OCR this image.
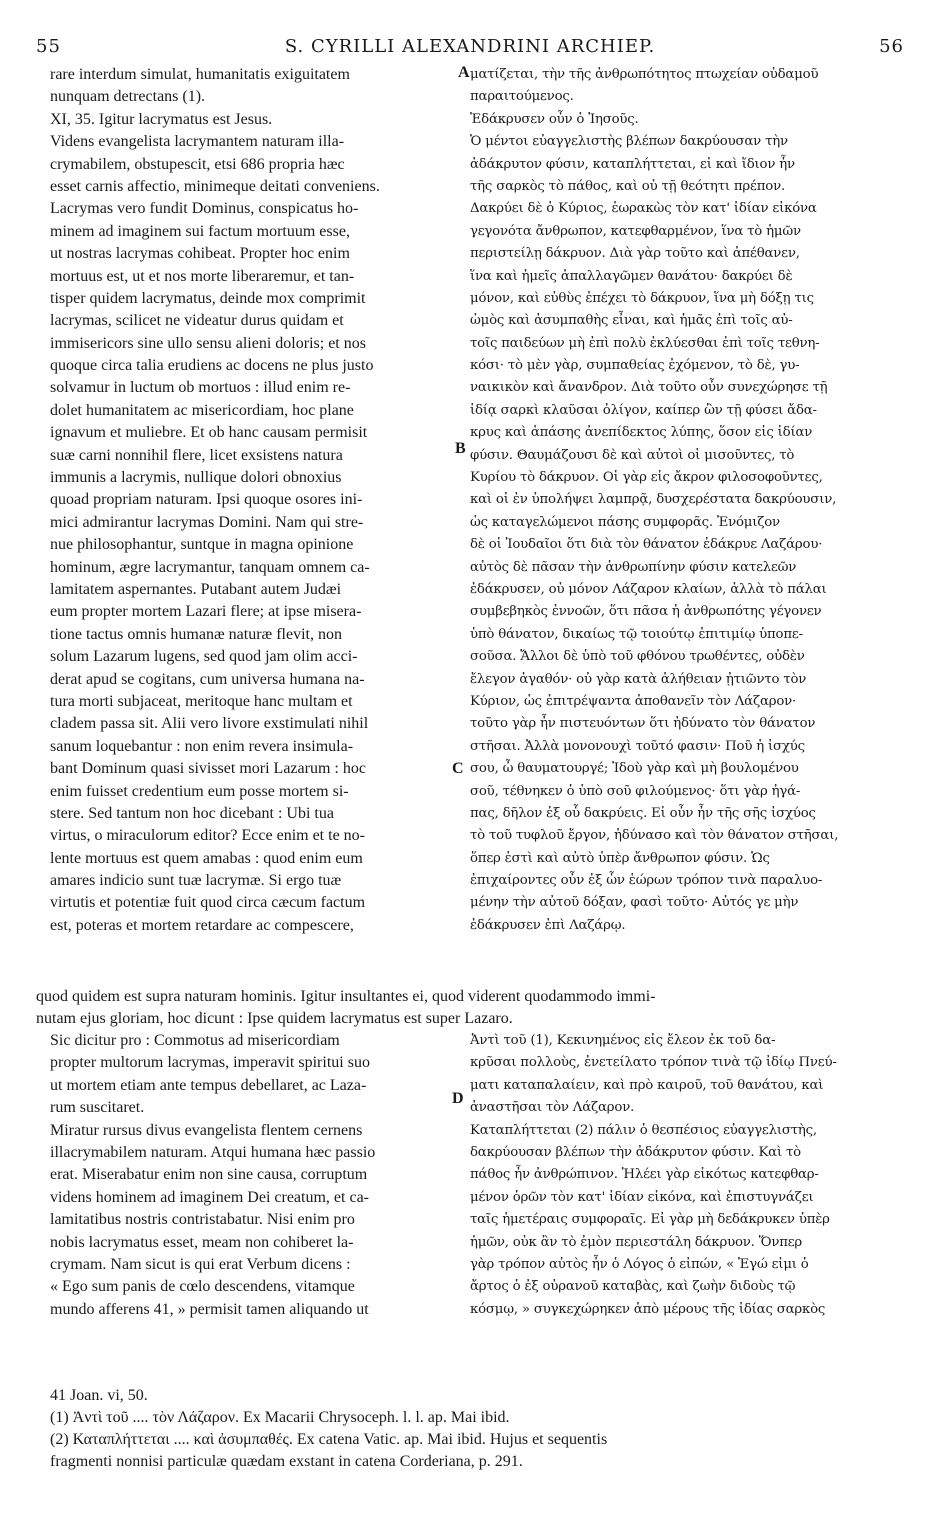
55	S. CYRILLI ALEXANDRINI ARCHIEP.	56
rare interdum simulat, humanitatis exiguitatem
nunquam detrectans (1).
XI, 35. Igitur lacrymatus est Jesus.
Videns evangelista lacrymantem naturam illa-
crymabilem, obstupescit, etsi 686 propria hæc
esset carnis affectio, minimeque deitati conveniens.
Lacrymas vero fundit Dominus, conspicatus ho-
minem ad imaginem sui factum mortuum esse,
ut nostras lacrymas cohibeat. Propter hoc enim
mortuus est, ut et nos morte liberaremur, et tan-
tisper quidem lacrymatus, deinde mox comprimit
lacrymas, scilicet ne videatur durus quidam et
immisericors sine ullo sensu alieni doloris; et nos
quoque circa talia erudiens ac docens ne plus justo
solvamur in luctum ob mortuos : illud enim re-
dolet humanitatem ac misericordiam, hoc plane
ignavum et muliebre. Et ob hanc causam permisit
suæ carni nonnihil flere, licet exsistens natura
immunis a lacrymis, nullique dolori obnoxius
quoad propriam naturam. Ipsi quoque osores ini-
mici admirantur lacrymas Domini. Nam qui stre-
nue philosophantur, suntque in magna opinione
hominum, ægre lacrymantur, tanquam omnem ca-
lamitatem aspernantes. Putabant autem Judæi
eum propter mortem Lazari flere; at ipse misera-
tione tactus omnis humanæ naturæ flevit, non
solum Lazarum lugens, sed quod jam olim acci-
derat apud se cogitans, cum universa humana na-
tura morti subjaceat, meritoque hanc multam et
cladem passa sit. Alii vero livore exstimulati nihil
sanum loquebantur : non enim revera insimula-
bant Dominum quasi sivisset mori Lazarum : hoc
enim fuisset credentium eum posse mortem si-
stere. Sed tantum non hoc dicebant : Ubi tua
virtus, o miraculorum editor? Ecce enim et te no-
lente mortuus est quem amabas : quod enim eum
amares indicio sunt tuæ lacrymæ. Si ergo tuæ
virtutis et potentiæ fuit quod circa cæcum factum
est, poteras et mortem retardare ac compescere,
ματίζεται, τὴν τῆς ἀνθρωπότητος πτωχείαν οὐδαμοῦ
παραιτούμενος.
Ἐδάκρυσεν οὖν ὁ Ἰησοῦς.
Ὁ μέντοι εὐαγγελιστὴς βλέπων δακρύουσαν τὴν
ἀδάκρυτον φύσιν, καταπλήττεται, εἰ καὶ ἴδιον ἦν
τῆς σαρκὸς τὸ πάθος, καὶ οὐ τῇ θεότητι πρέπον.
Δακρύει δὲ ὁ Κύριος, ἑωρακὼς τὸν κατ' ἰδίαν εἰκόνα
γεγονότα ἄνθρωπον, κατεφθαρμένον, ἵνα τὸ ἡμῶν
περιστείλῃ δάκρυον. Διὰ γὰρ τοῦτο καὶ ἀπέθανεν,
ἵνα καὶ ἡμεῖς ἀπαλλαγῶμεν θανάτου· δακρύει δὲ
μόνον, καὶ εὐθὺς ἐπέχει τὸ δάκρυον, ἵνα μὴ δόξῃ τις
ὠμὸς καὶ ἀσυμπαθὴς εἶναι, καὶ ἡμᾶς ἐπὶ τοῖς αὐ-
τοῖς παιδεύων μὴ ἐπὶ πολὺ ἐκλύεσθαι ἐπὶ τοῖς τεθνη-
κόσι· τὸ μὲν γὰρ, συμπαθείας ἐχόμενον, τὸ δὲ, γυ-
ναικικὸν καὶ ἄνανδρον. Διὰ τοῦτο οὖν συνεχώρησε τῇ
ἰδίᾳ σαρκὶ κλαῦσαι ὀλίγον, καίπερ ὢν τῇ φύσει ἄδα-
κρυς καὶ ἁπάσης ἀνεπίδεκτος λύπης, ὅσον εἰς ἰδίαν
φύσιν. Θαυμάζουσι δὲ καὶ αὐτοὶ οἱ μισοῦντες, τὸ
Κυρίου τὸ δάκρυον. Οἱ γὰρ εἰς ἄκρον φιλοσοφοῦντες,
καὶ οἱ ἐν ὑπολήψει λαμπρᾷ, δυσχερέστατα δακρύουσιν,
ὡς καταγελώμενοι πάσης συμφορᾶς. Ἐνόμιζον
δὲ οἱ Ἰουδαῖοι ὅτι διὰ τὸν θάνατον ἐδάκρυε Λαζάρου·
αὐτὸς δὲ πᾶσαν τὴν ἀνθρωπίνην φύσιν κατελεῶν
ἐδάκρυσεν, οὐ μόνον Λάζαρον κλαίων, ἀλλὰ τὸ πάλαι
συμβεβηκὸς ἐννοῶν, ὅτι πᾶσα ἡ ἀνθρωπότης γέγονεν
ὑπὸ θάνατον, δικαίως τῷ τοιούτῳ ἐπιτιμίῳ ὑποπε-
σοῦσα. Ἄλλοι δὲ ὑπὸ τοῦ φθόνου τρωθέντες, οὐδὲν
ἔλεγον ἀγαθόν· οὐ γὰρ κατὰ ἀλήθειαν ᾐτιῶντο τὸν
Κύριον, ὡς ἐπιτρέψαντα ἀποθανεῖν τὸν Λάζαρον·
τοῦτο γὰρ ἦν πιστευόντων ὅτι ἠδύνατο τὸν θάνατον
στῆσαι. Ἀλλὰ μονονουχὶ τοῦτό φασιν· Ποῦ ἡ ἰσχύς
σου, ὦ θαυματουργέ; Ἰδοὺ γὰρ καὶ μὴ βουλομένου
σοῦ, τέθνηκεν ὁ ὑπὸ σοῦ φιλούμενος· ὅτι γὰρ ἠγά-
πας, δῆλον ἐξ οὗ δακρύεις. Εἰ οὖν ἦν τῆς σῆς ἰσχύος
τὸ τοῦ τυφλοῦ ἔργον, ἠδύνασο καὶ τὸν θάνατον στῆσαι,
ὅπερ ἐστὶ καὶ αὐτὸ ὑπὲρ ἄνθρωπον φύσιν. Ὡς
ἐπιχαίροντες οὖν ἐξ ὧν ἑώρων τρόπον τινὰ παραλυο-
μένην τὴν αὐτοῦ δόξαν, φασὶ τοῦτο· Αὐτός γε μὴν
ἐδάκρυσεν ἐπὶ Λαζάρῳ.
A
B
C
D
quod quidem est supra naturam hominis. Igitur insultantes ei, quod viderent quodammodo immi-
nutam ejus gloriam, hoc dicunt : Ipse quidem lacrymatus est super Lazaro.
Sic dicitur pro : Commotus ad misericordiam
propter multorum lacrymas, imperavit spiritui suo
ut mortem etiam ante tempus debellaret, ac Laza-
rum suscitaret.
Miratur rursus divus evangelista flentem cernens
illacrymabilem naturam. Atqui humana hæc passio
erat. Miserabatur enim non sine causa, corruptum
videns hominem ad imaginem Dei creatum, et ca-
lamitatibus nostris contristabatur. Nisi enim pro
nobis lacrymatus esset, meam non cohiberet la-
crymam. Nam sicut is qui erat Verbum dicens :
« Ego sum panis de cœlo descendens, vitamque
mundo afferens 41, » permisit tamen aliquando ut
Ἀντὶ τοῦ (1), Κεκινημένος εἰς ἔλεον ἐκ τοῦ δα-
κρῦσαι πολλοὺς, ἐνετείλατο τρόπον τινὰ τῷ ἰδίῳ Πνεύ-
ματι καταπαλαίειν, καὶ πρὸ καιροῦ, τοῦ θανάτου, καὶ
ἀναστῆσαι τὸν Λάζαρον.
Καταπλήττεται (2) πάλιν ὁ θεσπέσιος εὐαγγελιστὴς,
δακρύουσαν βλέπων τὴν ἀδάκρυτον φύσιν. Καὶ τὸ
πάθος ἦν ἀνθρώπινον. Ἠλέει γὰρ εἰκότως κατεφθαρ-
μένον ὁρῶν τὸν κατ' ἰδίαν εἰκόνα, καὶ ἐπιστυγνάζει
ταῖς ἡμετέραις συμφοραῖς. Εἰ γὰρ μὴ δεδάκρυκεν ὑπὲρ
ἡμῶν, οὐκ ἂν τὸ ἐμὸν περιεστάλη δάκρυον. Ὅνπερ
γὰρ τρόπον αὐτὸς ἦν ὁ Λόγος ὁ εἰπών, « Ἐγώ εἰμι ὁ
ἄρτος ὁ ἐξ οὐρανοῦ καταβὰς, καὶ ζωὴν διδοὺς τῷ
κόσμῳ, » συγκεχώρηκεν ἀπὸ μέρους τῆς ἰδίας σαρκὸς
41 Joan. vi, 50.
(1) Ἀντὶ τοῦ .... τὸν Λάζαρον. Ex Macarii Chrysoceph. l. l. ap. Mai ibid.
(2) Καταπλήττεται .... καὶ ἀσυμπαθές. Ex catena Vatic. ap. Mai ibid. Hujus et sequentis
fragmenti nonnisi particulæ quædam exstant in catena Corderiana, p. 291.
